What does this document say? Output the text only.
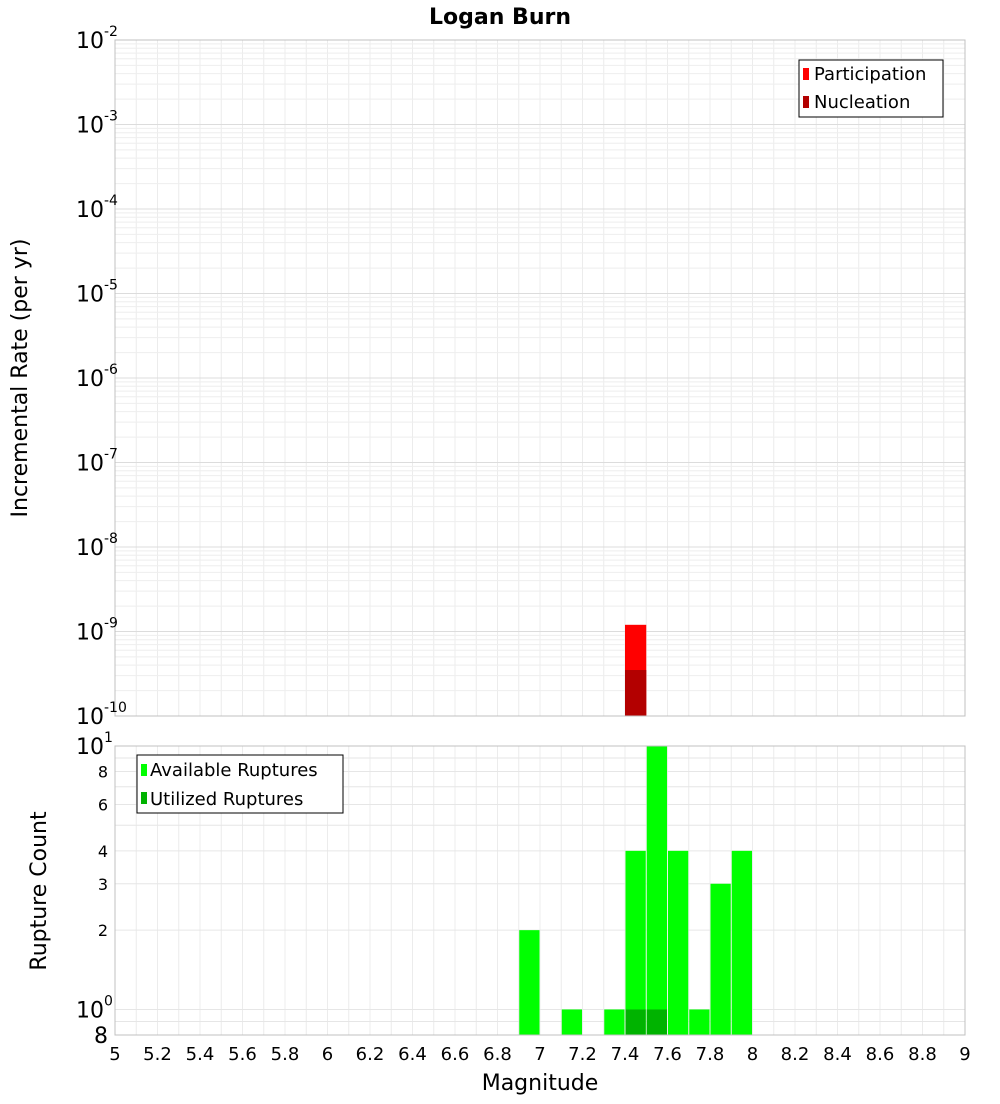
Logan Burn
10 -2
10 -3
10 -4
10 -5
10 -6
10 -7
10 -8
10 -9
10 -10
Incremental Rate (per yr)
Participation
Nucleation
10 1
10 0
8
6
4
3
2
8
5 5.2 5.4 5.6 5.8 6 6.2 6.4 6.6 6.8 7 7.2 7.4 7.6 7.8 8 8.2 8.4 8.6 8.8 9
Rupture Count
Magnitude
Available Ruptures
Utilized Ruptures
